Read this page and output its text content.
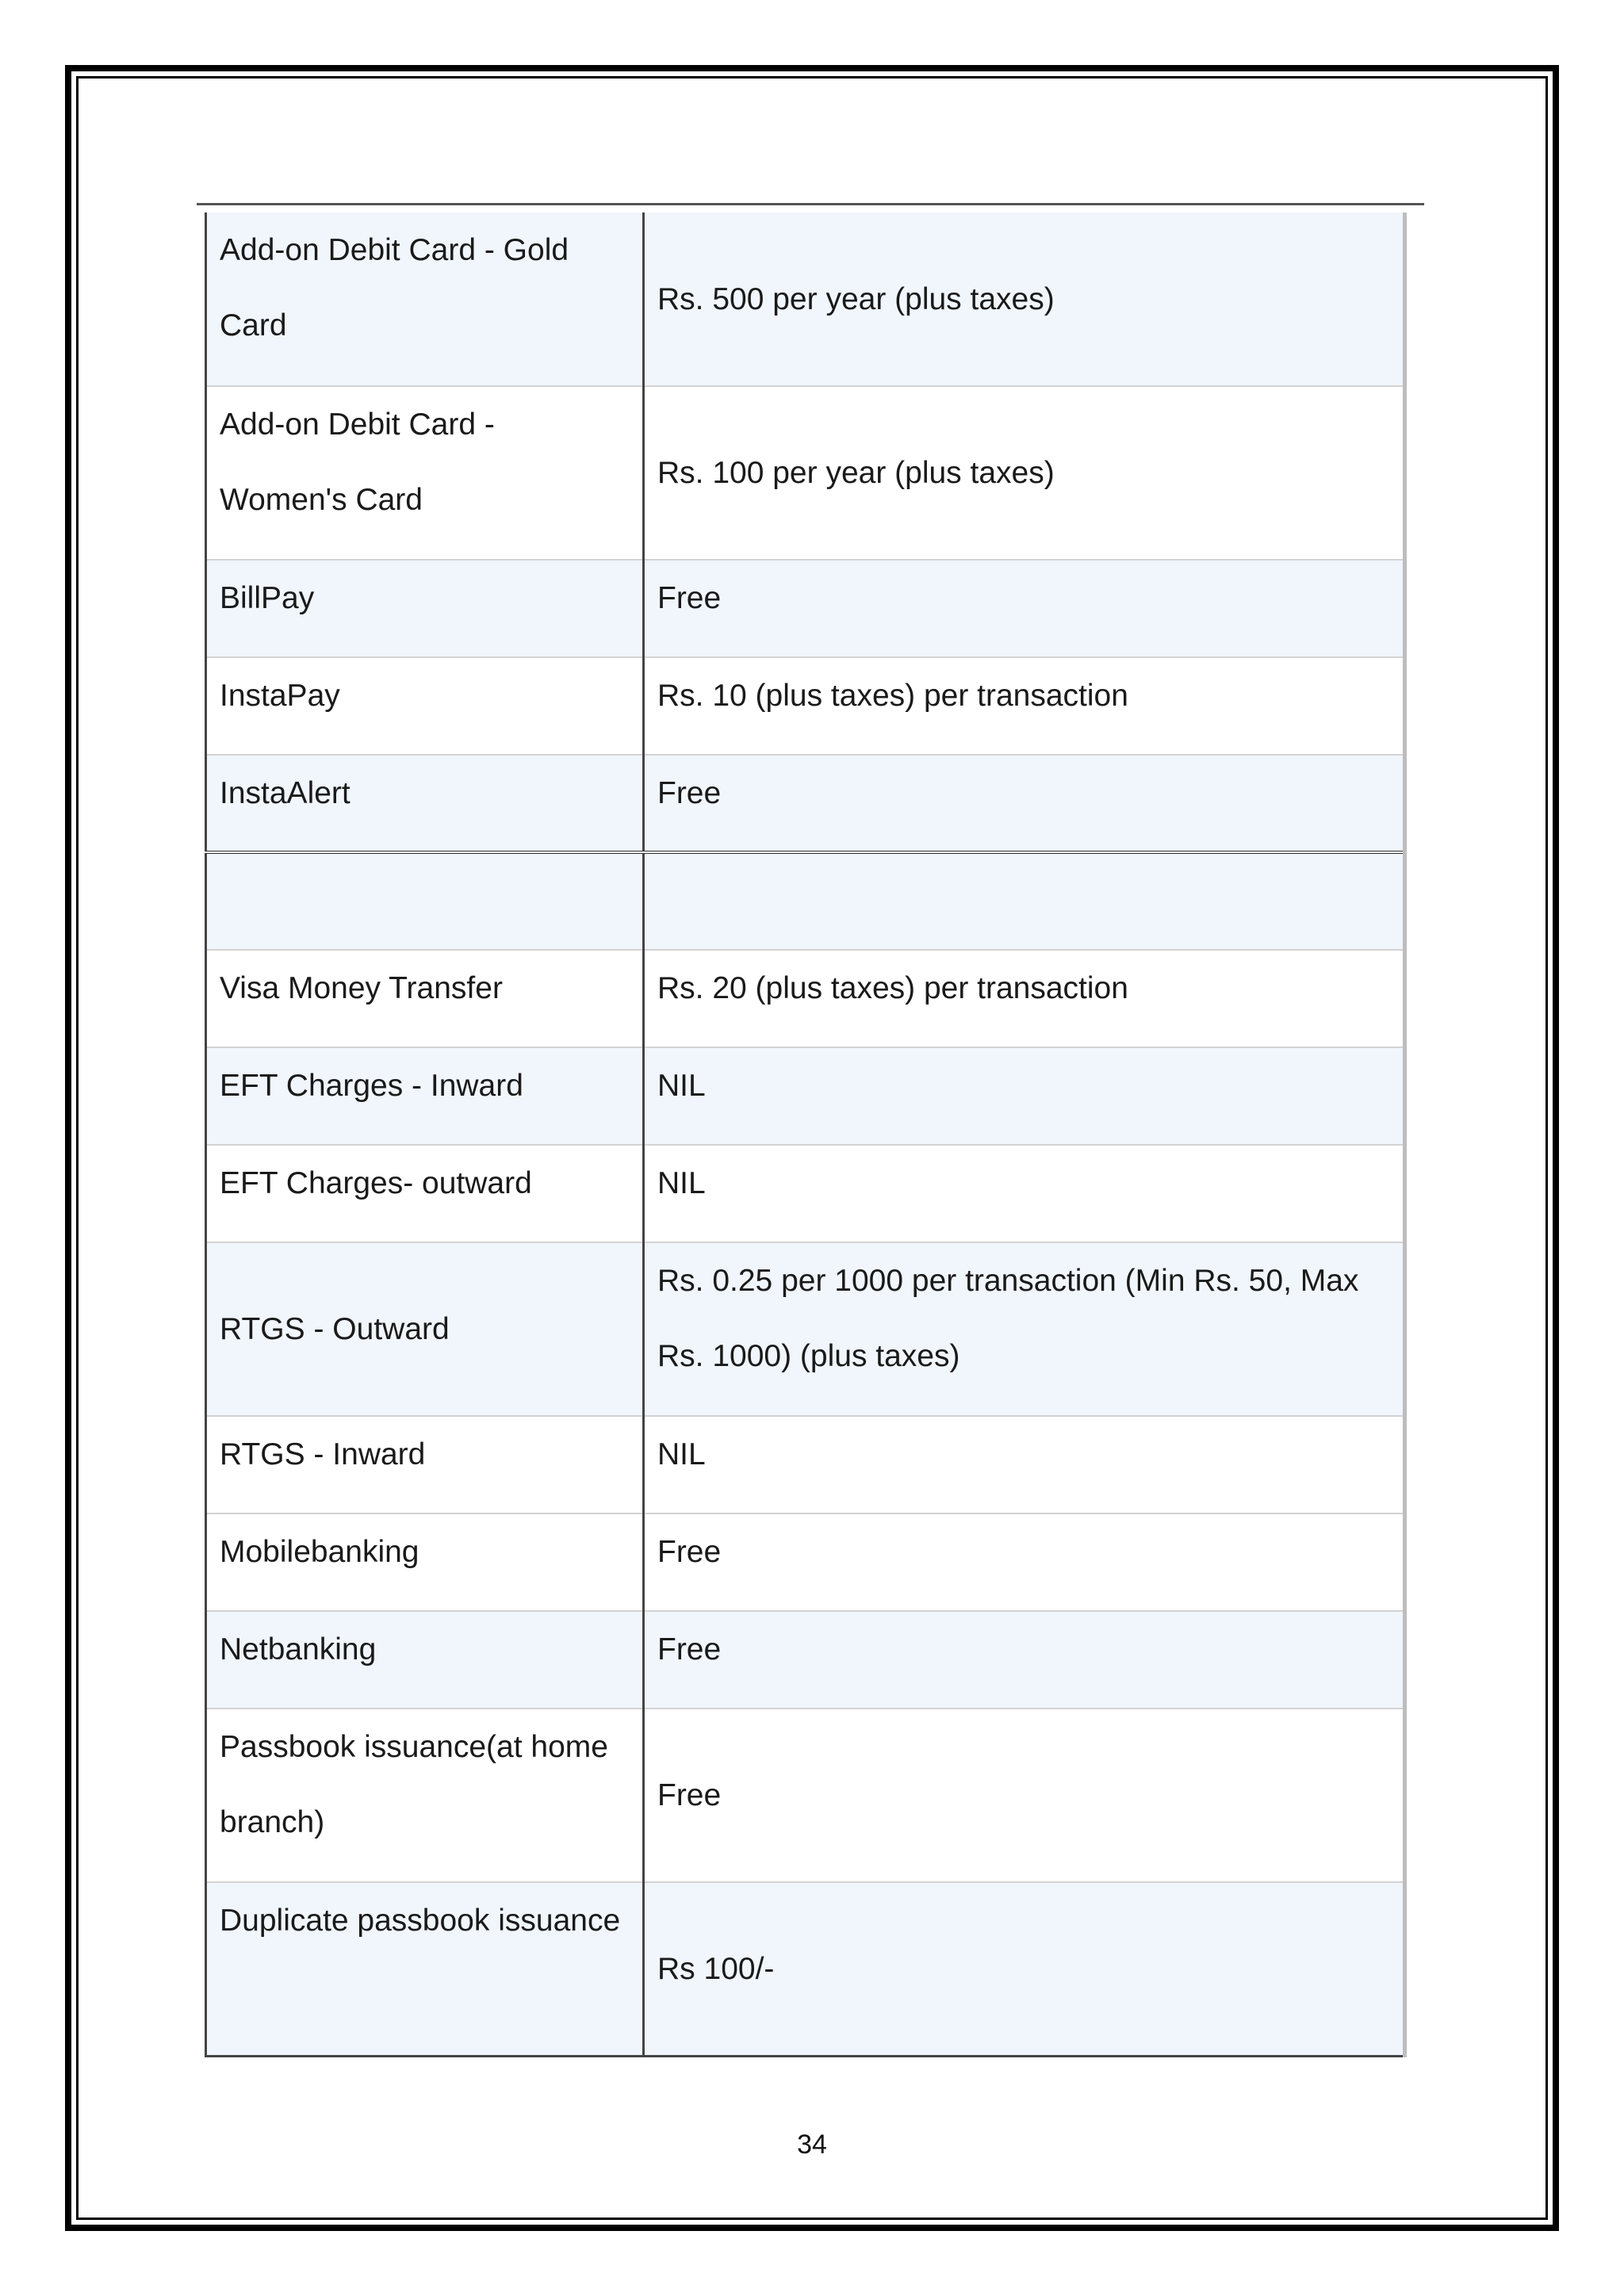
Add-on Debit Card - Gold Card	Rs. 500 per year (plus taxes)
Add-on Debit Card - Women's Card	Rs. 100 per year (plus taxes)
BillPay	Free
InstaPay	Rs. 10 (plus taxes) per transaction
InstaAlert	Free

Visa Money Transfer	Rs. 20 (plus taxes) per transaction
EFT Charges - Inward	NIL
EFT Charges- outward	NIL
RTGS - Outward	Rs. 0.25 per 1000 per transaction (Min Rs. 50, Max Rs. 1000) (plus taxes)
RTGS - Inward	NIL
Mobilebanking	Free
Netbanking	Free
Passbook issuance(at home branch)	Free
Duplicate passbook issuance	Rs 100/-
34
